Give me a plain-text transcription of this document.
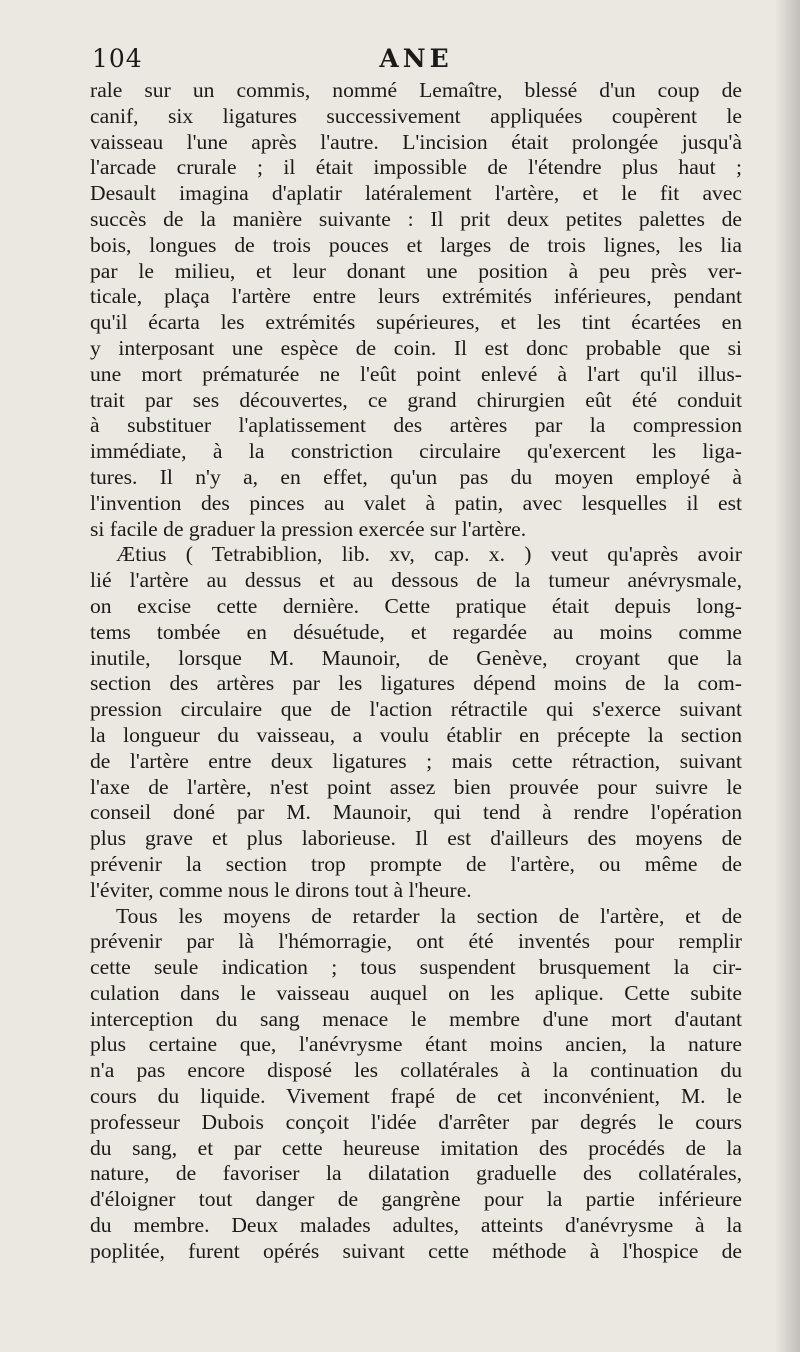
104	ANE

rale sur un commis, nommé Lemaître, blessé d'un coup de

canif, six ligatures successivement appliquées coupèrent le

vaisseau l'une après l'autre. L'incision était prolongée jusqu'à

l'arcade crurale ; il était impossible de l'étendre plus haut ;

Desault imagina d'aplatir latéralement l'artère, et le fit avec

succès de la manière suivante : Il prit deux petites palettes de

bois, longues de trois pouces et larges de trois lignes, les lia

par le milieu, et leur donant une position à peu près ver-

ticale, plaça l'artère entre leurs extrémités inférieures, pendant

qu'il écarta les extrémités supérieures, et les tint écartées en

y interposant une espèce de coin. Il est donc probable que si

une mort prématurée ne l'eût point enlevé à l'art qu'il illus-

trait par ses découvertes, ce grand chirurgien eût été conduit

à substituer l'aplatissement des artères par la compression

immédiate, à la constriction circulaire qu'exercent les liga-

tures. Il n'y a, en effet, qu'un pas du moyen employé à

l'invention des pinces au valet à patin, avec lesquelles il est

si facile de graduer la pression exercée sur l'artère.

Ætius ( Tetrabiblion, lib. xv, cap. x. ) veut qu'après avoir

lié l'artère au dessus et au dessous de la tumeur anévrysmale,

on excise cette dernière. Cette pratique était depuis long-

tems tombée en désuétude, et regardée au moins comme

inutile, lorsque M. Maunoir, de Genève, croyant que la

section des artères par les ligatures dépend moins de la com-

pression circulaire que de l'action rétractile qui s'exerce suivant

la longueur du vaisseau, a voulu établir en précepte la section

de l'artère entre deux ligatures ; mais cette rétraction, suivant

l'axe de l'artère, n'est point assez bien prouvée pour suivre le

conseil doné par M. Maunoir, qui tend à rendre l'opération

plus grave et plus laborieuse. Il est d'ailleurs des moyens de

prévenir la section trop prompte de l'artère, ou même de

l'éviter, comme nous le dirons tout à l'heure.

Tous les moyens de retarder la section de l'artère, et de

prévenir par là l'hémorragie, ont été inventés pour remplir

cette seule indication ; tous suspendent brusquement la cir-

culation dans le vaisseau auquel on les aplique. Cette subite

interception du sang menace le membre d'une mort d'autant

plus certaine que, l'anévrysme étant moins ancien, la nature

n'a pas encore disposé les collatérales à la continuation du

cours du liquide. Vivement frapé de cet inconvénient, M. le

professeur Dubois conçoit l'idée d'arrêter par degrés le cours

du sang, et par cette heureuse imitation des procédés de la

nature, de favoriser la dilatation graduelle des collatérales,

d'éloigner tout danger de gangrène pour la partie inférieure

du membre. Deux malades adultes, atteints d'anévrysme à la

poplitée, furent opérés suivant cette méthode à l'hospice de
